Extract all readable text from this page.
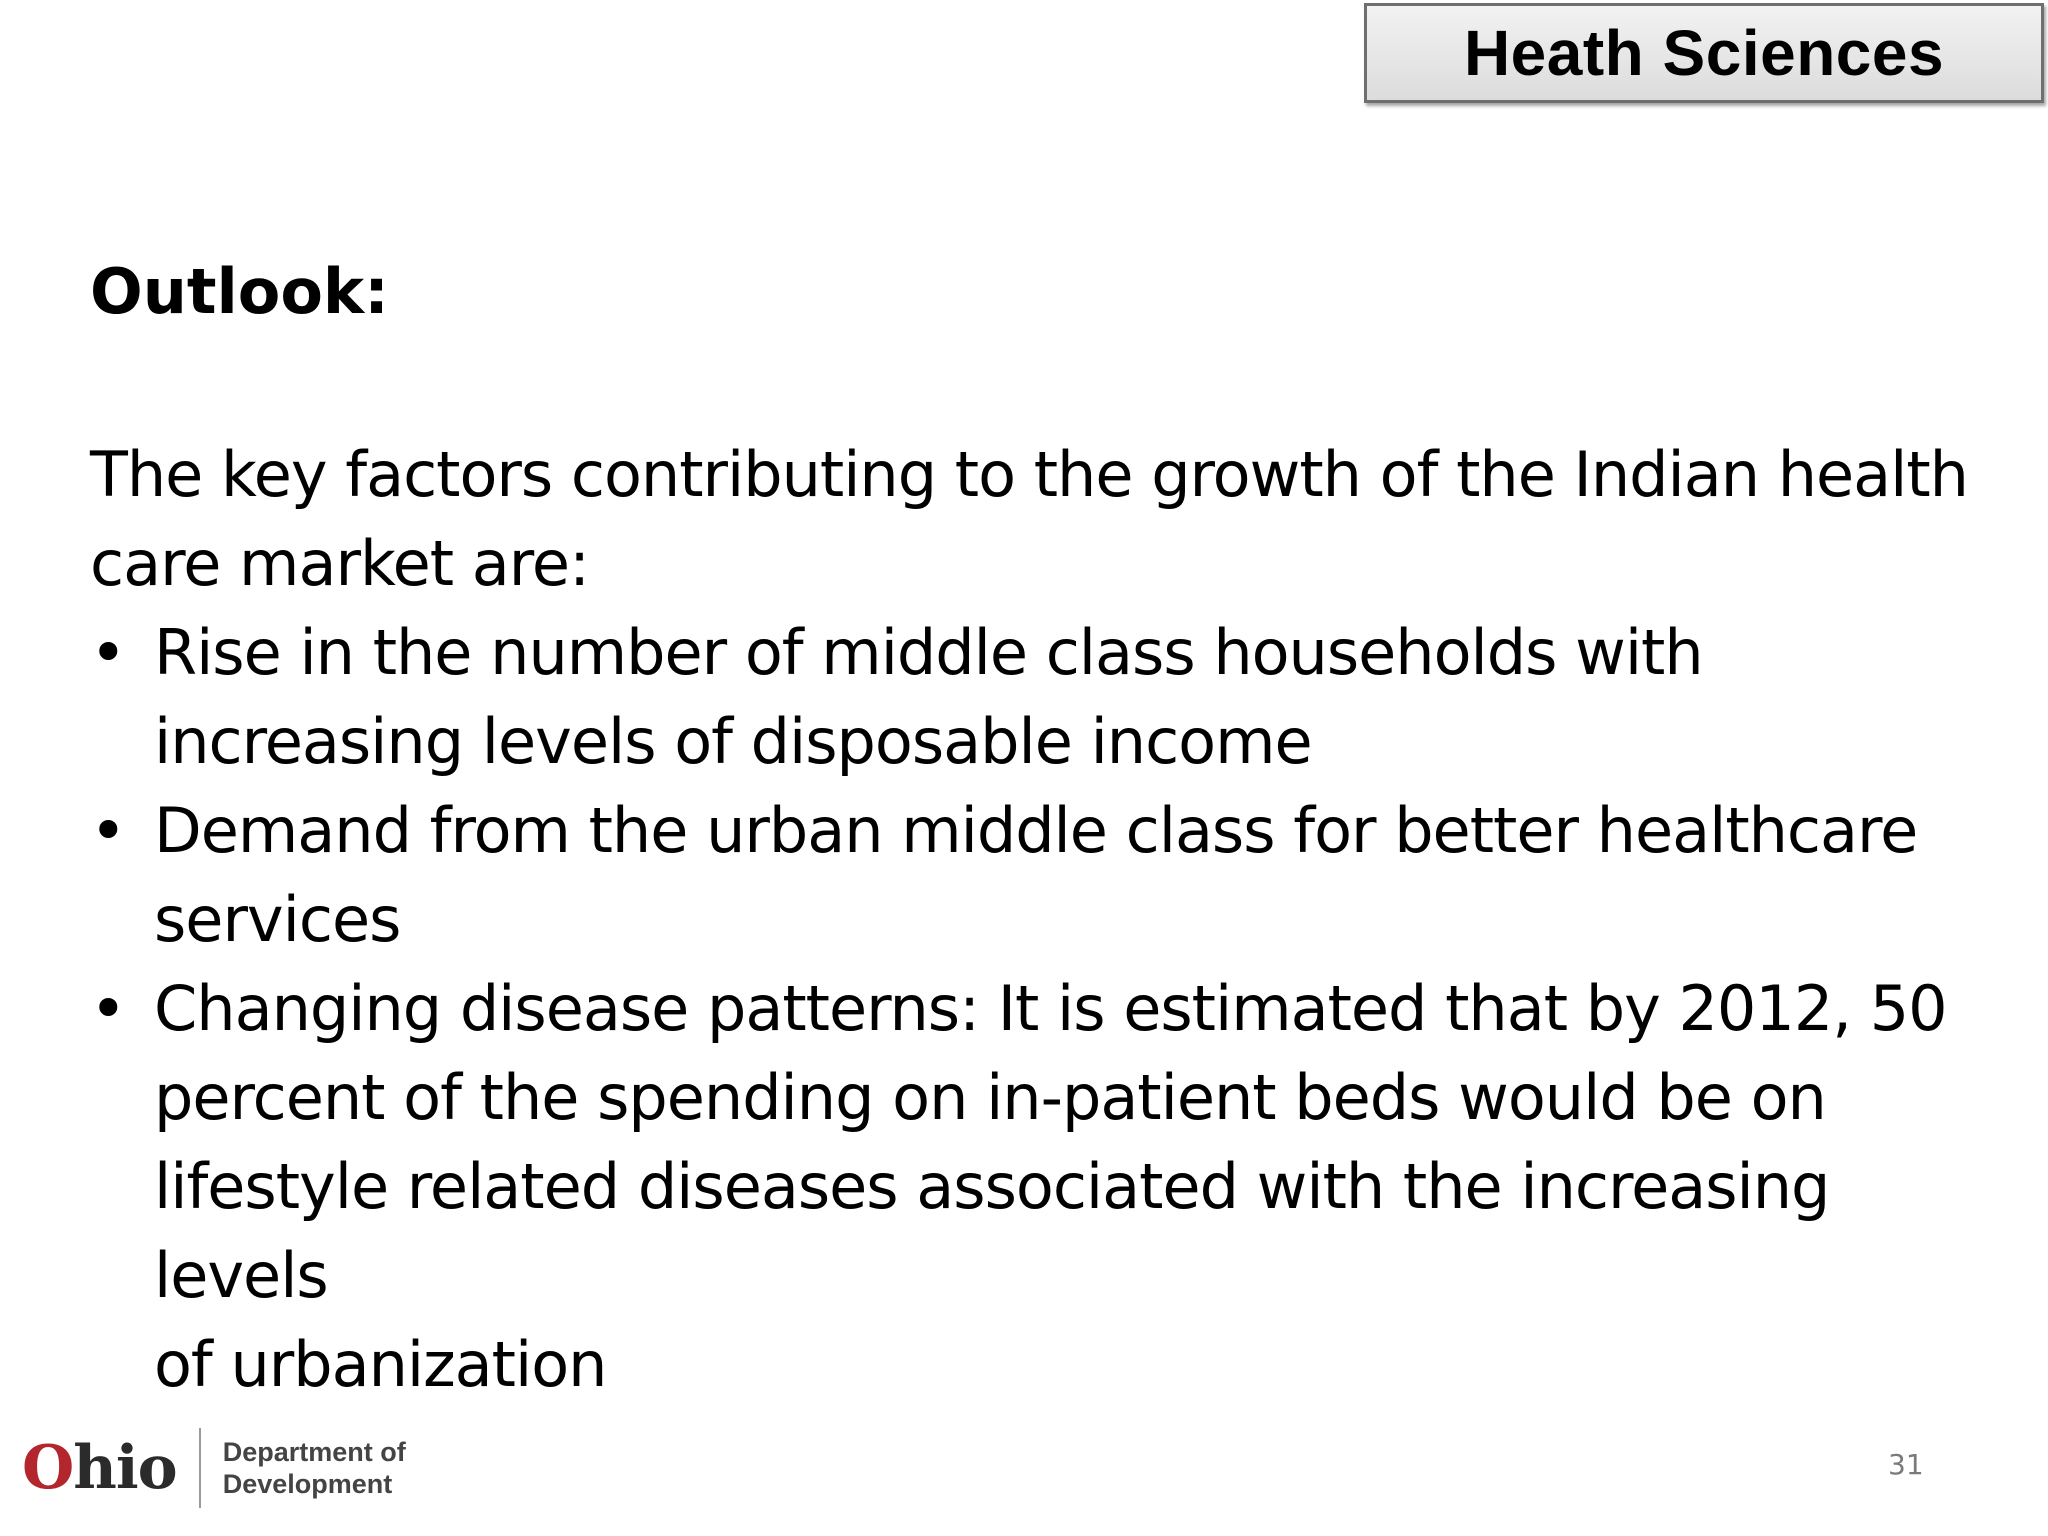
Heath Sciences
Outlook:
The key factors contributing to the growth of the Indian health
care market are:
• Rise in the number of middle class households with
increasing levels of disposable income
• Demand from the urban middle class for better healthcare
services
• Changing disease patterns: It is estimated that by 2012, 50
percent of the spending on in-patient beds would be on
lifestyle related diseases associated with the increasing levels
of urbanization
Ohio Department of
Development
31
